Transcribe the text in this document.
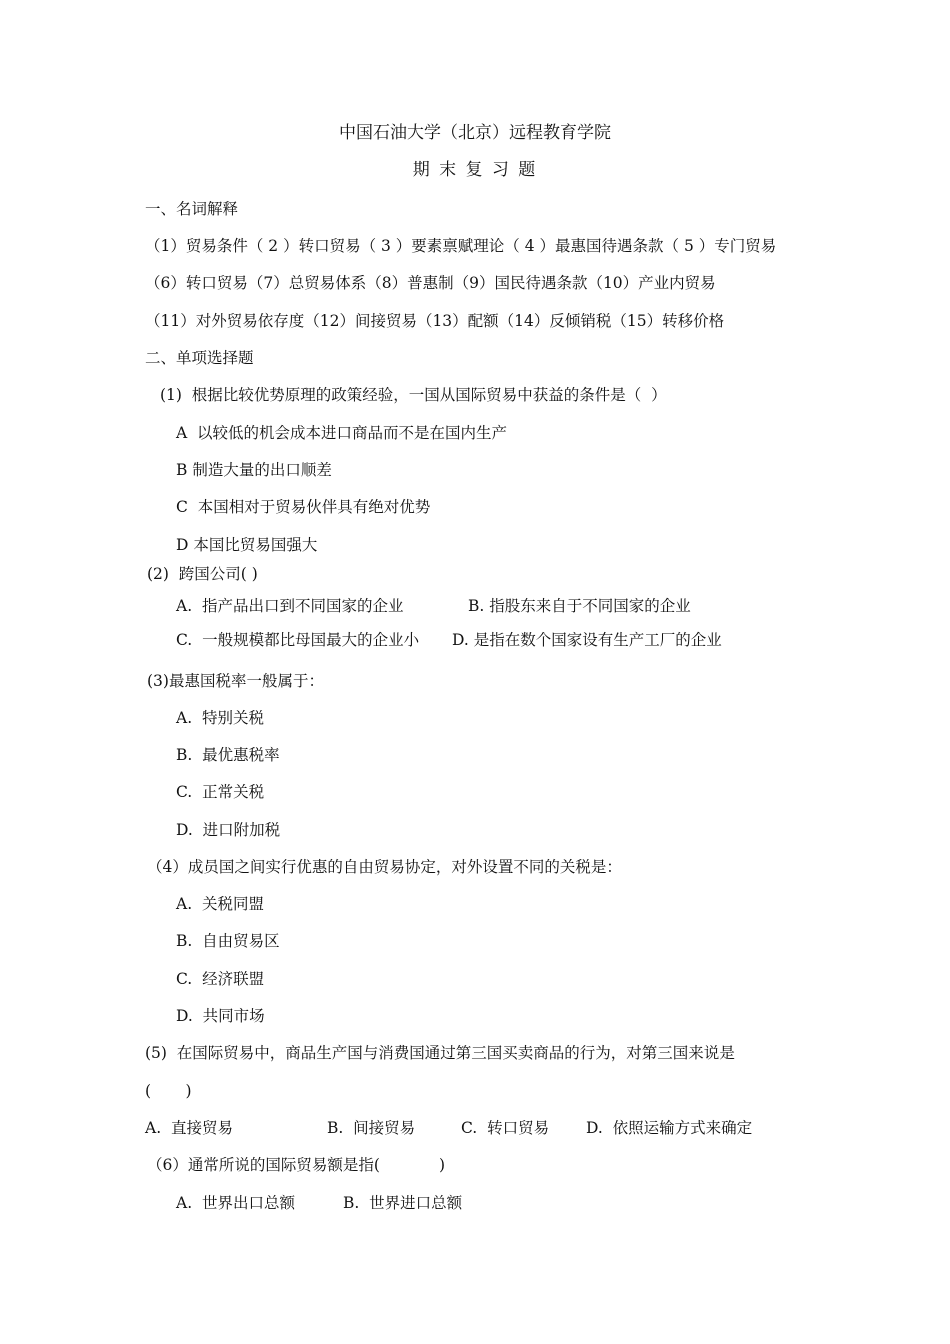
中国石油大学（北京）远程教育学院
期 末 复 习 题
一、名词解释
（1）贸易条件（ 2 ）转口贸易（ 3 ）要素禀赋理论（ 4 ）最惠国待遇条款（ 5 ）专门贸易
（6）转口贸易（7）总贸易体系（8）普惠制（9）国民待遇条款（10）产业内贸易
（11）对外贸易依存度（12）间接贸易（13）配额（14）反倾销税（15）转移价格
二、单项选择题
(1)  根据比较优势原理的政策经验，一国从国际贸易中获益的条件是（  ）
A  以较低的机会成本进口商品而不是在国内生产
B 制造大量的出口顺差
C  本国相对于贸易伙伴具有绝对优势
D 本国比贸易国强大
(2)  跨国公司( )
A.  指产品出口到不同国家的企业	B. 指股东来自于不同国家的企业
C.  一般规模都比母国最大的企业小 D. 是指在数个国家设有生产工厂的企业
(3)最惠国税率一般属于：
A.  特别关税
B.  最优惠税率
C.  正常关税
D.  进口附加税
（4）成员国之间实行优惠的自由贸易协定，对外设置不同的关税是：
A.  关税同盟
B.  自由贸易区
C.  经济联盟
D.  共同市场
(5)  在国际贸易中，商品生产国与消费国通过第三国买卖商品的行为，对第三国来说是
(       )
A.  直接贸易	B.  间接贸易	C.  转口贸易 D.  依照运输方式来确定
（6）通常所说的国际贸易额是指(            )
A.  世界出口总额	B.  世界进口总额
